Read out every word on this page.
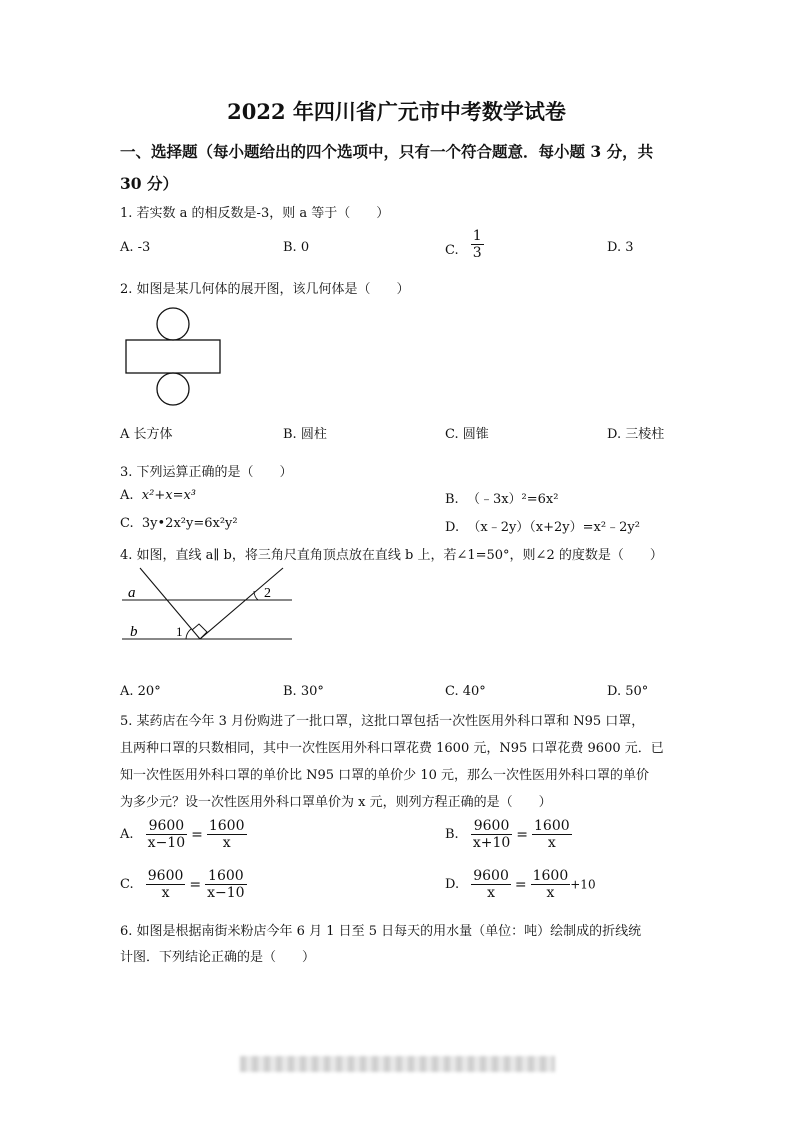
2022 年四川省广元市中考数学试卷
一、选择题（每小题给出的四个选项中，只有一个符合题意．每小题 3 分，共
30 分）
1. 若实数 a 的相反数是-3，则 a 等于（　　）
A. -3	B. 0	C. $\frac{1}{3}$	D. 3
2. 如图是某几何体的展开图，该几何体是（　　）
A 长方体	B. 圆柱	C. 圆锥	D. 三棱柱
3. 下列运算正确的是（　　）
A. x²+x=x³	B. （﹣3x）²=6x²
C. 3y•2x²y=6x²y²	D. （x﹣2y）（x+2y）=x²﹣2y²
4. 如图，直线 a∥ b，将三角尺直角顶点放在直线 b 上，若∠1=50°，则∠2 的度数是（　　）
a
b	1
2
A. 20°	B. 30°	C. 40°	D. 50°
5. 某药店在今年 3 月份购进了一批口罩，这批口罩包括一次性医用外科口罩和 N95 口罩，
且两种口罩的只数相同，其中一次性医用外科口罩花费 1600 元，N95 口罩花费 9600 元．已
知一次性医用外科口罩的单价比 N95 口罩的单价少 10 元，那么一次性医用外科口罩的单价
为多少元？设一次性医用外科口罩单价为 x 元，则列方程正确的是（　　）
A. $\frac{9600}{x-10} = \frac{1600}{x}$	B. $\frac{9600}{x+10} = \frac{1600}{x}$
C. $\frac{9600}{x} = \frac{1600}{x-10}$	D. $\frac{9600}{x} = \frac{1600}{x} +10$
6. 如图是根据南街米粉店今年 6 月 1 日至 5 日每天的用水量（单位：吨）绘制成的折线统
计图．下列结论正确的是（　　）
